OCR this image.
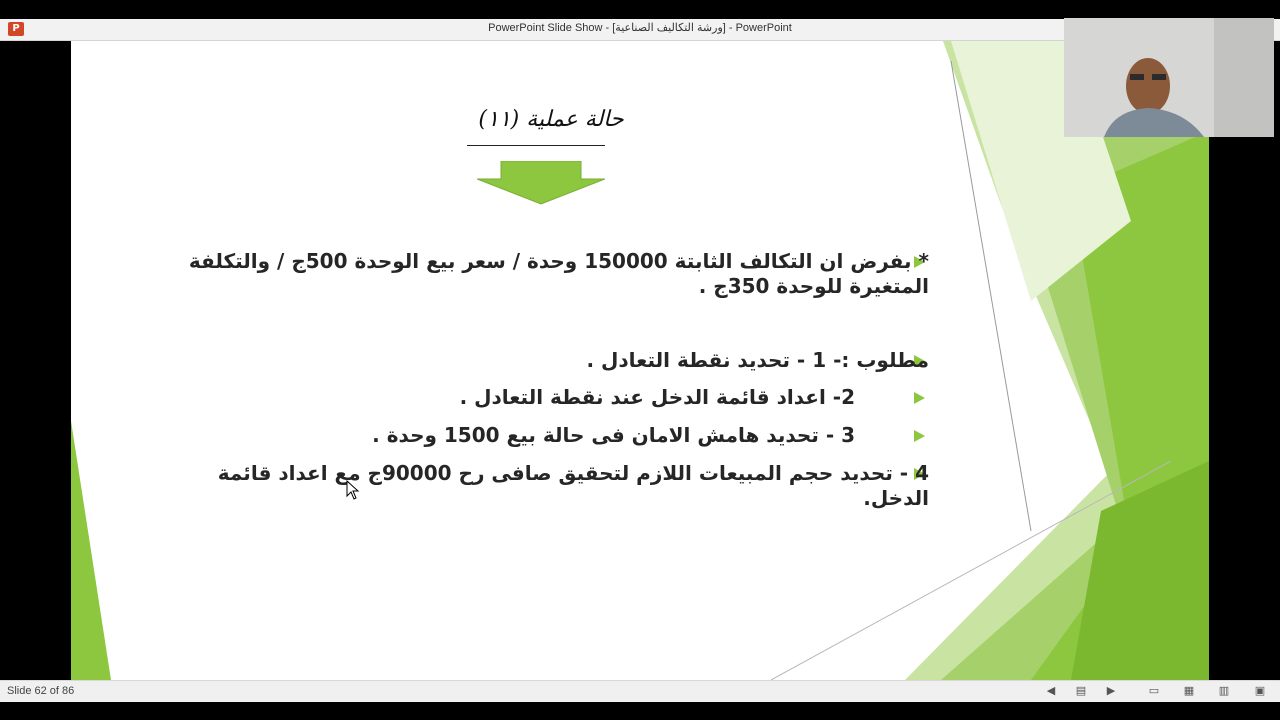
P	PowerPoint Slide Show - [ورشة التكاليف الصناعية] - PowerPoint
حالة عملية (١١)
* بفرض ان التكالف الثابتة 150000 وحدة / سعر بيع الوحدة 500ج / والتكلفة المتغيرة للوحدة 350ج .
مطلوب :- 1 - تحديد نقطة التعادل .
2- اعداد قائمة الدخل عند نقطة التعادل .
3 - تحديد هامش الامان فى حالة بيع 1500 وحدة .
4 - تحديد حجم المبيعات اللازم لتحقيق صافى رح 90000ج مع اعداد قائمة الدخل.
Slide 62 of 86	◀ ▤ ▶	▭ ▦ ▥ ▣
